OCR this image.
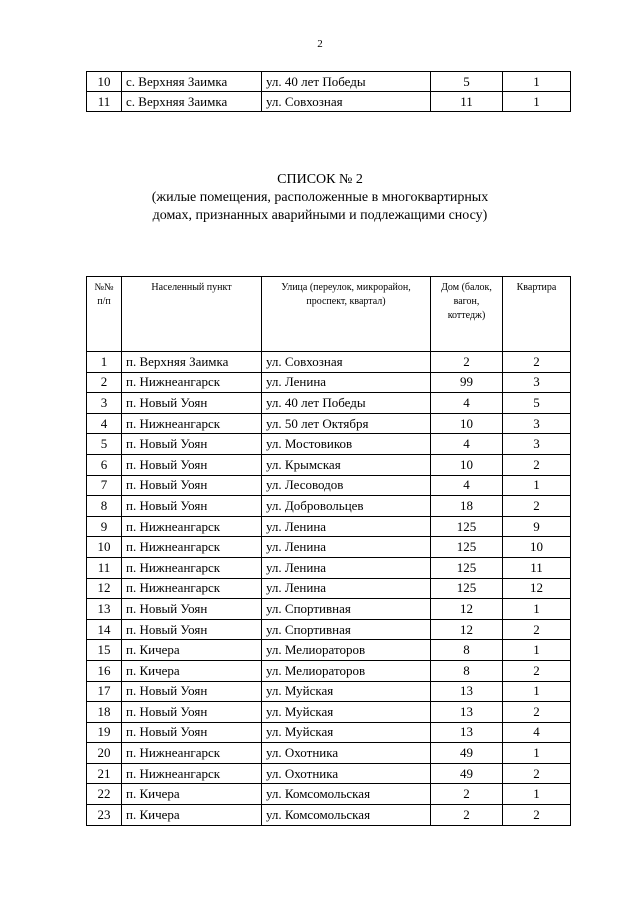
2
10	с. Верхняя Заимка	ул. 40 лет Победы	5	1
11	с. Верхняя Заимка	ул. Совхозная	11	1
СПИСОК № 2
(жилые помещения, расположенные в многоквартирных
домах, признанных аварийными и подлежащими сносу)
№№ п/п	Населенный пункт	Улица (переулок, микрорайон, проспект, квартал)	Дом (балок, вагон, коттедж)	Квартира
1	п. Верхняя Заимка	ул. Совхозная	2	2
2	п. Нижнеангарск	ул. Ленина	99	3
3	п. Новый Уоян	ул. 40 лет Победы	4	5
4	п. Нижнеангарск	ул. 50 лет Октября	10	3
5	п. Новый Уоян	ул. Мостовиков	4	3
6	п. Новый Уоян	ул. Крымская	10	2
7	п. Новый Уоян	ул. Лесоводов	4	1
8	п. Новый Уоян	ул. Добровольцев	18	2
9	п. Нижнеангарск	ул. Ленина	125	9
10	п. Нижнеангарск	ул. Ленина	125	10
11	п. Нижнеангарск	ул. Ленина	125	11
12	п. Нижнеангарск	ул. Ленина	125	12
13	п. Новый Уоян	ул. Спортивная	12	1
14	п. Новый Уоян	ул. Спортивная	12	2
15	п. Кичера	ул. Мелиораторов	8	1
16	п. Кичера	ул. Мелиораторов	8	2
17	п. Новый Уоян	ул. Муйская	13	1
18	п. Новый Уоян	ул. Муйская	13	2
19	п. Новый Уоян	ул. Муйская	13	4
20	п. Нижнеангарск	ул. Охотника	49	1
21	п. Нижнеангарск	ул. Охотника	49	2
22	п. Кичера	ул. Комсомольская	2	1
23	п. Кичера	ул. Комсомольская	2	2
